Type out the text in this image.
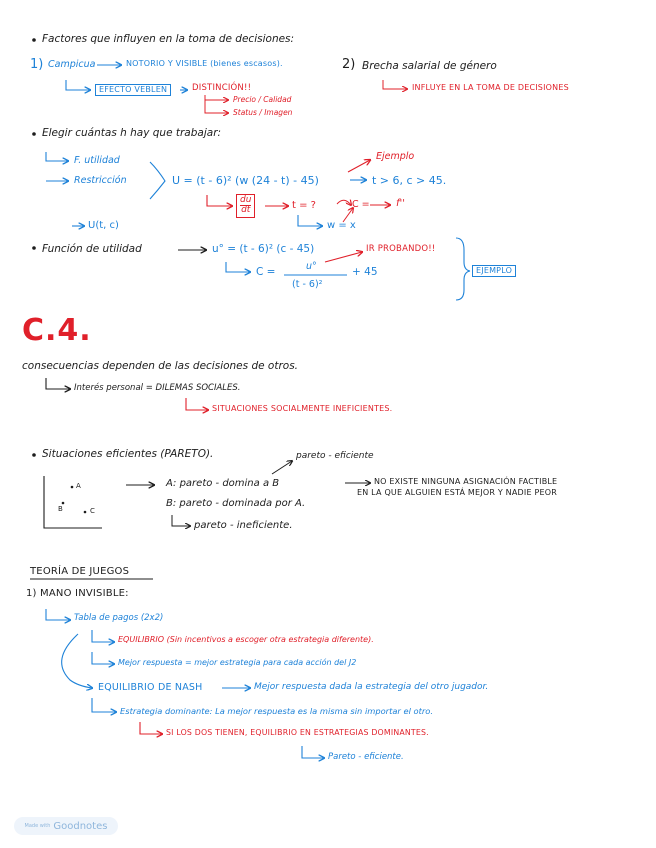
Factores que influyen en la toma de decisiones:
1) Campicua	NOTORIO Y VISIBLE (bienes escasos).
EFECTO VEBLEN	DISTINCIÓN!!
Precio / Calidad
Status / Imagen
2) Brecha salarial de género
INFLUYE EN LA TOMA DE DECISIONES
Elegir cuántas h hay que trabajar:
F. utilidad
Restricción	U = (t - 6)² (w (24 - t) - 45)
Ejemplo
t > 6, c > 45.
du
dt	t = ?	C =	f''
w = x
U(t, c)
Función de utilidad	u° = (t - 6)² (c - 45)
C =	u°
(t - 6)²
+ 45
IR PROBANDO!!
EJEMPLO
C.4.
consecuencias dependen de las decisiones de otros.
Interés personal = DILEMAS SOCIALES.
SITUACIONES SOCIALMENTE INEFICIENTES.
Situaciones eficientes (PARETO).	pareto - eficiente
A
B	C
A: pareto - domina a B
B: pareto - dominada por A.
pareto - ineficiente.
NO EXISTE NINGUNA ASIGNACIÓN FACTIBLE
EN LA QUE ALGUIEN ESTÁ MEJOR Y NADIE PEOR
TEORÍA DE JUEGOS
1) MANO INVISIBLE:
Tabla de pagos (2x2)
EQUILIBRIO (Sin incentivos a escoger otra estrategia diferente).
Mejor respuesta = mejor estrategia para cada acción del J2
EQUILIBRIO DE NASH	Mejor respuesta dada la estrategia del otro jugador.
Estrategia dominante: La mejor respuesta es la misma sin importar el otro.
SI LOS DOS TIENEN, EQUILIBRIO EN ESTRATEGIAS DOMINANTES.
Pareto - eficiente.
Made with Goodnotes
